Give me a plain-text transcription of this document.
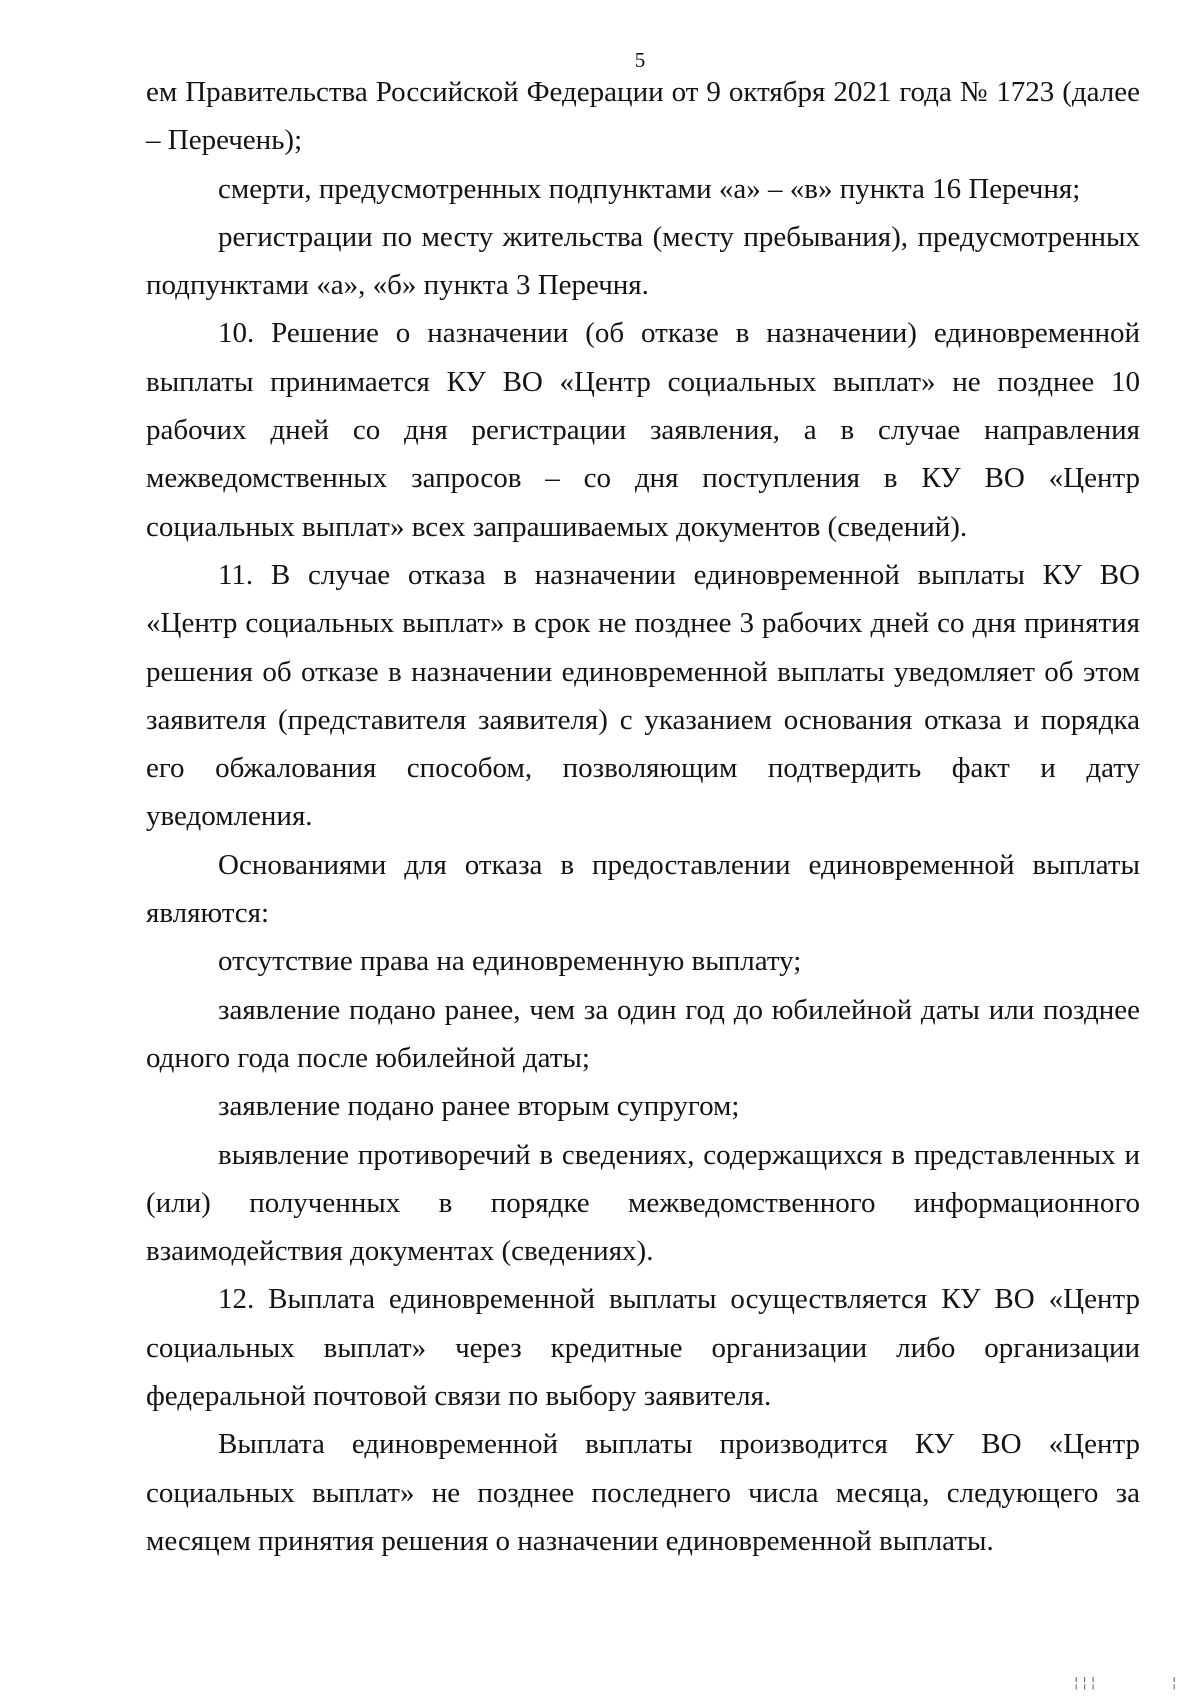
5

ем Правительства Российской Федерации от 9 октября 2021 года № 1723 (далее – Перечень);

смерти, предусмотренных подпунктами «а» – «в» пункта 16 Перечня;

регистрации по месту жительства (месту пребывания), предусмотренных подпунктами «а», «б» пункта 3 Перечня.

10. Решение о назначении (об отказе в назначении) единовременной выплаты принимается КУ ВО «Центр социальных выплат» не позднее 10 рабочих дней со дня регистрации заявления, а в случае направления межведомственных запросов – со дня поступления в КУ ВО «Центр социальных выплат» всех запрашиваемых документов (сведений).

11. В случае отказа в назначении единовременной выплаты КУ ВО «Центр социальных выплат» в срок не позднее 3 рабочих дней со дня принятия решения об отказе в назначении единовременной выплаты уведомляет об этом заявителя (представителя заявителя) с указанием основания отказа и порядка его обжалования способом, позволяющим подтвердить факт и дату уведомления.

Основаниями для отказа в предоставлении единовременной выплаты являются:

отсутствие права на единовременную выплату;

заявление подано ранее, чем за один год до юбилейной даты или позднее одного года после юбилейной даты;

заявление подано ранее вторым супругом;

выявление противоречий в сведениях, содержащихся в представленных и (или) полученных в порядке межведомственного информационного взаимодействия документах (сведениях).

12. Выплата единовременной выплаты осуществляется КУ ВО «Центр социальных выплат» через кредитные организации либо организации федеральной почтовой связи по выбору заявителя.

Выплата единовременной выплаты производится КУ ВО «Центр социальных выплат» не позднее последнего числа месяца, следующего за месяцем принятия решения о назначении единовременной выплаты.

¦¦¦	¦
